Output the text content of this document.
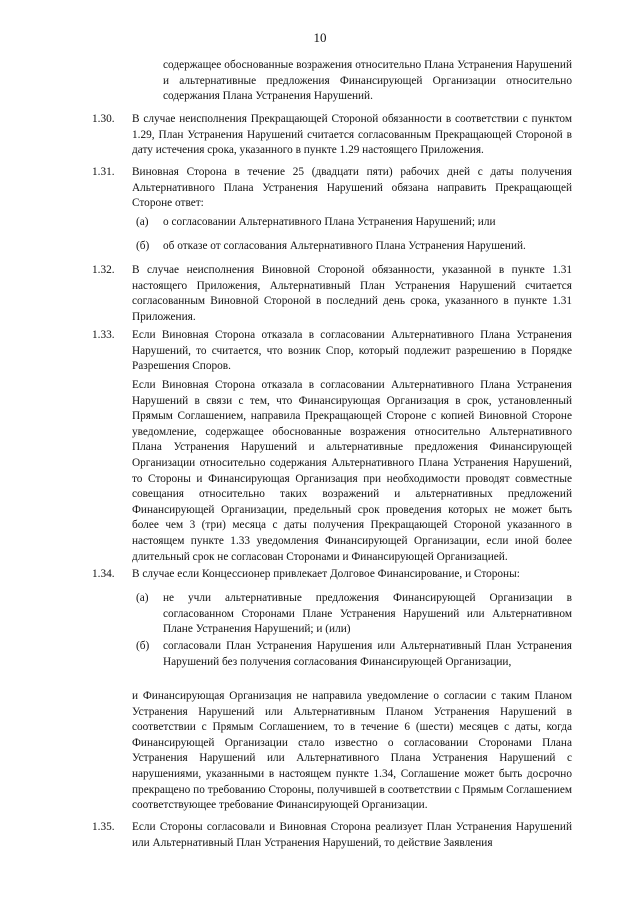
10
содержащее обоснованные возражения относительно Плана Устранения Нарушений и альтернативные предложения Финансирующей Организации относительно содержания Плана Устранения Нарушений.
1.30. В случае неисполнения Прекращающей Стороной обязанности в соответствии с пунктом 1.29, План Устранения Нарушений считается согласованным Прекращающей Стороной в дату истечения срока, указанного в пункте 1.29 настоящего Приложения.
1.31. Виновная Сторона в течение 25 (двадцати пяти) рабочих дней с даты получения Альтернативного Плана Устранения Нарушений обязана направить Прекращающей Стороне ответ:
(а) о согласовании Альтернативного Плана Устранения Нарушений; или
(б) об отказе от согласования Альтернативного Плана Устранения Нарушений.
1.32. В случае неисполнения Виновной Стороной обязанности, указанной в пункте 1.31 настоящего Приложения, Альтернативный План Устранения Нарушений считается согласованным Виновной Стороной в последний день срока, указанного в пункте 1.31 Приложения.
1.33. Если Виновная Сторона отказала в согласовании Альтернативного Плана Устранения Нарушений, то считается, что возник Спор, который подлежит разрешению в Порядке Разрешения Споров.
Если Виновная Сторона отказала в согласовании Альтернативного Плана Устранения Нарушений в связи с тем, что Финансирующая Организация в срок, установленный Прямым Соглашением, направила Прекращающей Стороне с копией Виновной Стороне уведомление, содержащее обоснованные возражения относительно Альтернативного Плана Устранения Нарушений и альтернативные предложения Финансирующей Организации относительно содержания Альтернативного Плана Устранения Нарушений, то Стороны и Финансирующая Организация при необходимости проводят совместные совещания относительно таких возражений и альтернативных предложений Финансирующей Организации, предельный срок проведения которых не может быть более чем 3 (три) месяца с даты получения Прекращающей Стороной указанного в настоящем пункте 1.33 уведомления Финансирующей Организации, если иной более длительный срок не согласован Сторонами и Финансирующей Организацией.
1.34. В случае если Концессионер привлекает Долговое Финансирование, и Стороны:
(а) не учли альтернативные предложения Финансирующей Организации в согласованном Сторонами Плане Устранения Нарушений или Альтернативном Плане Устранения Нарушений; и (или)
(б) согласовали План Устранения Нарушения или Альтернативный План Устранения Нарушений без получения согласования Финансирующей Организации,
и Финансирующая Организация не направила уведомление о согласии с таким Планом Устранения Нарушений или Альтернативным Планом Устранения Нарушений в соответствии с Прямым Соглашением, то в течение 6 (шести) месяцев с даты, когда Финансирующей Организации стало известно о согласовании Сторонами Плана Устранения Нарушений или Альтернативного Плана Устранения Нарушений с нарушениями, указанными в настоящем пункте 1.34, Соглашение может быть досрочно прекращено по требованию Стороны, получившей в соответствии с Прямым Соглашением соответствующее требование Финансирующей Организации.
1.35. Если Стороны согласовали и Виновная Сторона реализует План Устранения Нарушений или Альтернативный План Устранения Нарушений, то действие Заявления
